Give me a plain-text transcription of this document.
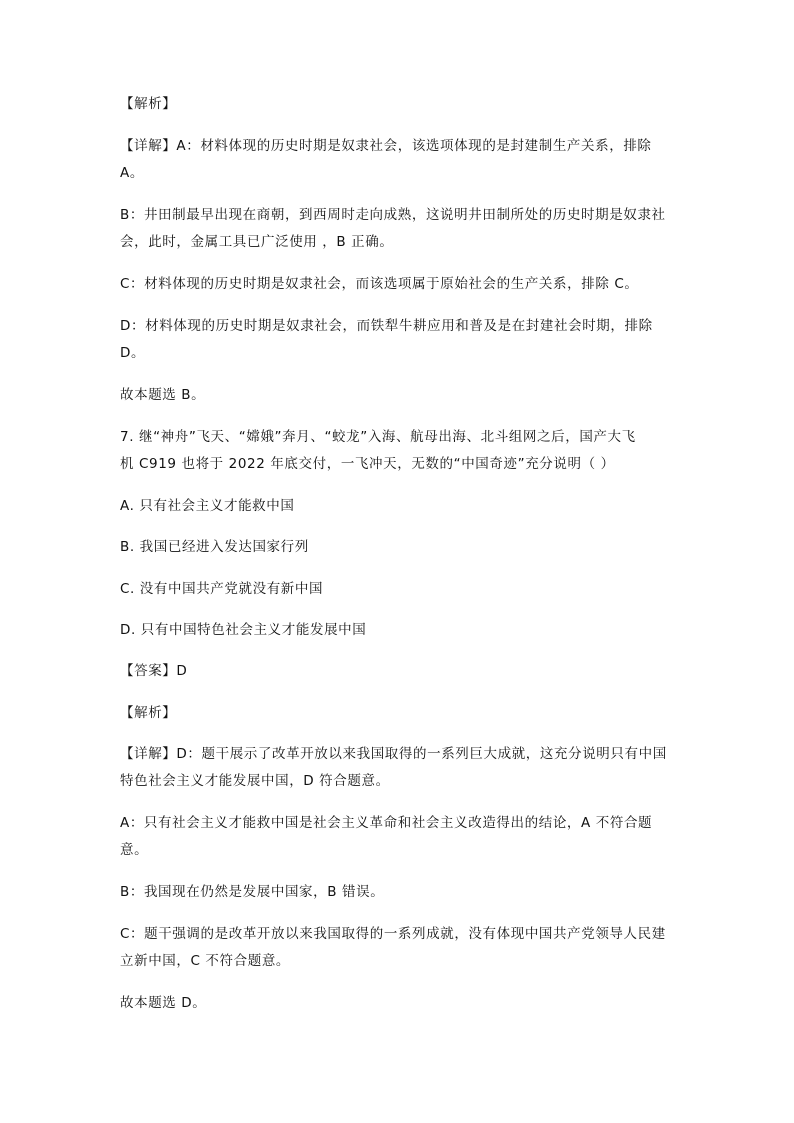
【解析】
【详解】A：材料体现的历史时期是奴隶社会，该选项体现的是封建制生产关系，排除
A。
B：井田制最早出现在商朝，到西周时走向成熟，这说明井田制所处的历史时期是奴隶社
会，此时，金属工具已广泛使用 ，B 正确。
C：材料体现的历史时期是奴隶社会，而该选项属于原始社会的生产关系，排除 C。
D：材料体现的历史时期是奴隶社会，而铁犁牛耕应用和普及是在封建社会时期，排除
D。
故本题选 B。
7. 继“神舟”飞天、“嫦娥”奔月、“蛟龙”入海、航母出海、北斗组网之后，国产大飞
机 C919 也将于 2022 年底交付，一飞冲天，无数的“中国奇迹”充分说明（ ）
A. 只有社会主义才能救中国
B. 我国已经进入发达国家行列
C. 没有中国共产党就没有新中国
D. 只有中国特色社会主义才能发展中国
【答案】D
【解析】
【详解】D：题干展示了改革开放以来我国取得的一系列巨大成就，这充分说明只有中国
特色社会主义才能发展中国，D 符合题意。
A：只有社会主义才能救中国是社会主义革命和社会主义改造得出的结论，A 不符合题
意。
B：我国现在仍然是发展中国家，B 错误。
C：题干强调的是改革开放以来我国取得的一系列成就，没有体现中国共产党领导人民建
立新中国，C 不符合题意。
故本题选 D。
